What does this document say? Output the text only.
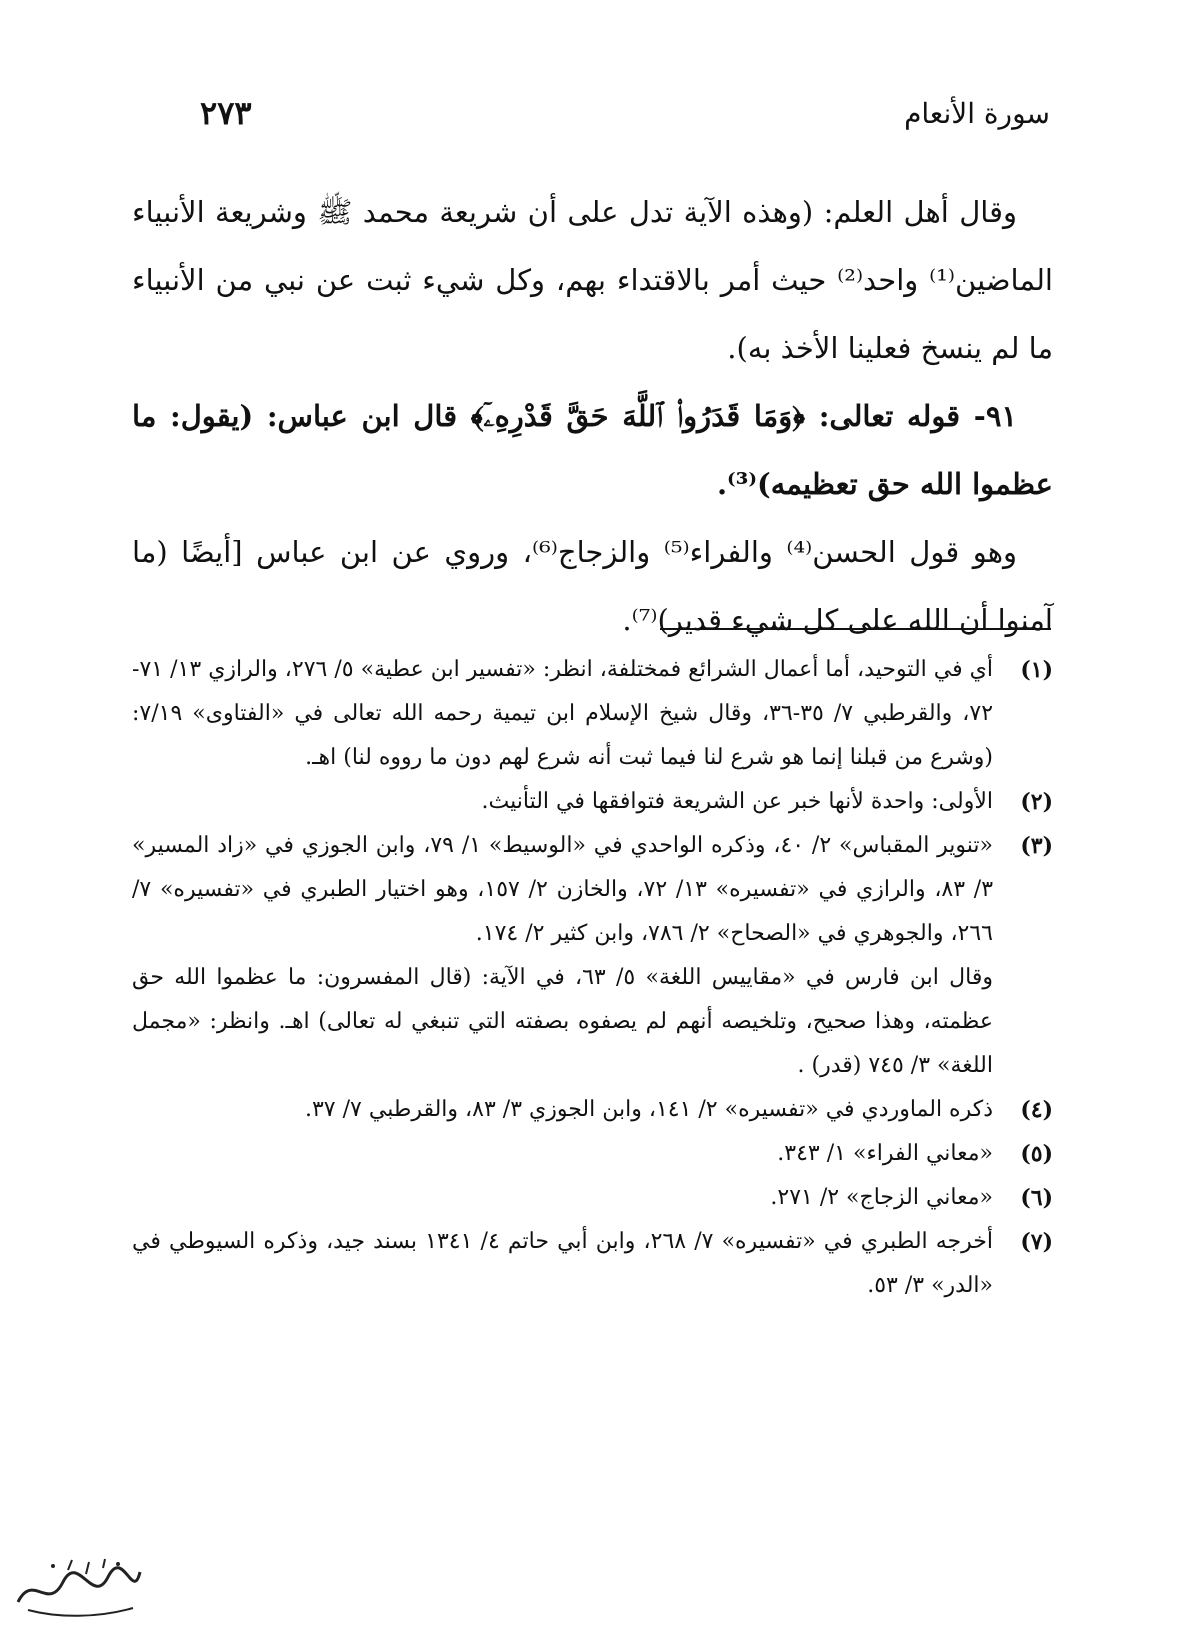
سورة الأنعام
٢٧٣

وقال أهل العلم: (وهذه الآية تدل على أن شريعة محمد ﷺ وشريعة الأنبياء الماضين⁽¹⁾ واحد⁽²⁾ حيث أمر بالاقتداء بهم، وكل شيء ثبت عن نبي من الأنبياء ما لم ينسخ فعلينا الأخذ به).

٩١- قوله تعالى: ﴿وَمَا قَدَرُوا۟ ٱللَّهَ حَقَّ قَدْرِهِۦٓ﴾ قال ابن عباس: (يقول: ما عظموا الله حق تعظيمه)⁽³⁾.

وهو قول الحسن⁽⁴⁾ والفراء⁽⁵⁾ والزجاج⁽⁶⁾، وروي عن ابن عباس [أيضًا (ما آمنوا أن الله على كل شيء قدير)⁽⁷⁾.

(١)
أي في التوحيد، أما أعمال الشرائع فمختلفة، انظر: «تفسير ابن عطية» ٥/ ٢٧٦، والرازي ١٣/ ٧١- ٧٢، والقرطبي ٧/ ٣٥-٣٦، وقال شيخ الإسلام ابن تيمية رحمه الله تعالى في «الفتاوى» ٧/١٩: (وشرع من قبلنا إنما هو شرع لنا فيما ثبت أنه شرع لهم دون ما رووه لنا) اهـ.

(٢)
الأولى: واحدة لأنها خبر عن الشريعة فتوافقها في التأنيث.

(٣)
«تنوير المقباس» ٢/ ٤٠، وذكره الواحدي في «الوسيط» ١/ ٧٩، وابن الجوزي في «زاد المسير» ٣/ ٨٣، والرازي في «تفسيره» ١٣/ ٧٢، والخازن ٢/ ١٥٧، وهو اختيار الطبري في «تفسيره» ٧/ ٢٦٦، والجوهري في «الصحاح» ٢/ ٧٨٦، وابن كثير ٢/ ١٧٤.

وقال ابن فارس في «مقاييس اللغة» ٥/ ٦٣، في الآية: (قال المفسرون: ما عظموا الله حق عظمته، وهذا صحيح، وتلخيصه أنهم لم يصفوه بصفته التي تنبغي له تعالى) اهـ. وانظر: «مجمل اللغة» ٣/ ٧٤٥ (قدر) .

(٤)
ذكره الماوردي في «تفسيره» ٢/ ١٤١، وابن الجوزي ٣/ ٨٣، والقرطبي ٧/ ٣٧.

(٥)
«معاني الفراء» ١/ ٣٤٣.

(٦)
«معاني الزجاج» ٢/ ٢٧١.

(٧)
أخرجه الطبري في «تفسيره» ٧/ ٢٦٨، وابن أبي حاتم ٤/ ١٣٤١ بسند جيد، وذكره السيوطي في «الدر» ٣/ ٥٣.
